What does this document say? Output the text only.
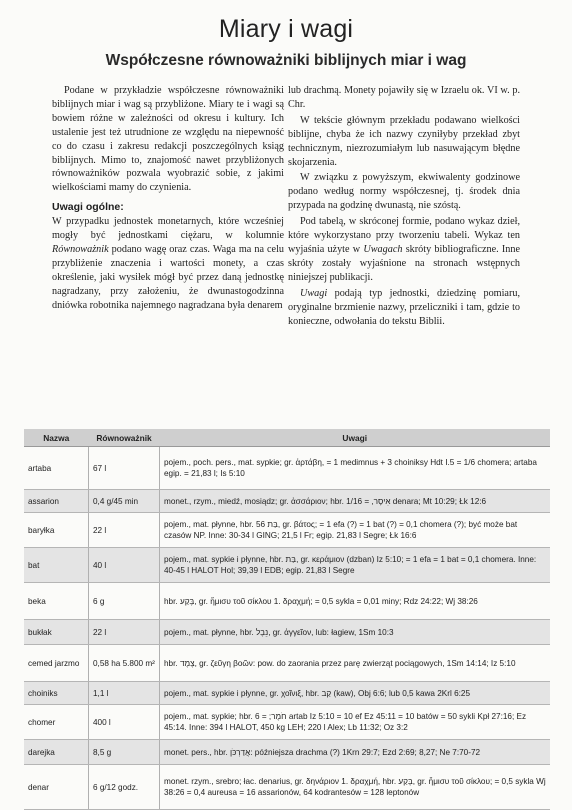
Miary i wagi
Współczesne równoważniki biblijnych miar i wag

Podane w przykładzie współczesne równoważniki biblijnych miar i wag są przybliżone. Miary te i wagi są bowiem różne w zależności od okresu i kultury. Ich ustalenie jest też utrudnione ze względu na niepewność co do czasu i zakresu redakcji poszczególnych ksiąg biblijnych. Mimo to, znajomość nawet przybliżonych równoważników pozwala wyobrazić sobie, z jakimi wielkościami mamy do czynienia.

Uwagi ogólne:

W przypadku jednostek monetarnych, które wcześniej mogły być jednostkami ciężaru, w kolumnie Równoważnik podano wagę oraz czas. Waga ma na celu przybliżenie znaczenia i wartości monety, a czas określenie, jaki wysiłek mógł być przez daną jednostkę nagradzany, przy założeniu, że dwunastogodzinna dniówka robotnika najemnego nagradzana była denarem

lub drachmą. Monety pojawiły się w Izraelu ok. VI w. p. Chr.

W tekście głównym przekładu podawano wielkości biblijne, chyba że ich nazwy czyniłyby przekład zbyt technicznym, niezrozumiałym lub nasuwającym błędne skojarzenia.

W związku z powyższym, ekwiwalenty godzinowe podano według normy współczesnej, tj. środek dnia przypada na godzinę dwunastą, nie szóstą.

Pod tabelą, w skróconej formie, podano wykaz dzieł, które wykorzystano przy tworzeniu tabeli. Wykaz ten wyjaśnia użyte w Uwagach skróty bibliograficzne. Inne skróty zostały wyjaśnione na stronach wstępnych niniejszej publikacji.

Uwagi podają typ jednostki, dziedzinę pomiaru, oryginalne brzmienie nazwy, przeliczniki i tam, gdzie to konieczne, odwołania do tekstu Biblii.

Nazwa	Równoważnik	Uwagi
artaba	67 l	pojem., poch. pers., mat. sypkie; gr. ἀρτάβη, = 1 medimnus + 3 choiniksy Hdt I.5 = 1/6 chomera; artaba egip. = 21,83 l; Is 5:10
assarion	0,4 g/45 min	monet., rzym., miedź, mosiądz; gr. ἀσσάριον; hbr. אִיסָר, = 1/16 denara; Mt 10:29; Łk 12:6
baryłka	22 l	pojem., mat. płynne, hbr. בַּת 56, gr. βάτος; = 1 efa (?) = 1 bat (?) = 0,1 chomera (?); być może bat czasów NP. Inne: 30-34 l GING; 21,5 l Fr; egip. 21,83 l Segre; Łk 16:6
bat	40 l	pojem., mat. sypkie i płynne, hbr. בַּת, gr. κεράμιον (dzban) Iz 5:10; = 1 efa = 1 bat = 0,1 chomera. Inne: 40-45 l HALOT Hol; 39,39 l EDB; egip. 21,83 l Segre
beka	6 g	hbr. בֶּקַע, gr. ἥμισυ τοῦ σίκλου 1. δραχμή; = 0,5 sykla = 0,01 miny; Rdz 24:22; Wj 38:26
bukłak	22 l	pojem., mat. płynne, hbr. נֵבֶל, gr. ἀγγεῖον, lub: łagiew, 1Sm 10:3
cemed jarzmo	0,58 ha 5.800 m²	hbr. צֶמֶד, gr. ζεῦγη βοῶν: pow. do zaorania przez parę zwierząt pociągowych, 1Sm 14:14; Iz 5:10
choiniks	1,1 l	pojem., mat. sypkie i płynne, gr. χοῖνιξ, hbr. קַב (kaw), Obj 6:6; lub 0,5 kawa 2Krl 6:25
chomer	400 l	pojem., mat. sypkie; hbr. חֹמֶר; = 6 artab Iz 5:10 = 10 ef Ez 45:11 = 10 batów = 50 sykli Kpł 27:16; Ez 45:14. Inne: 394 l HALOT, 450 kg LEH; 220 l Alex; Lb 11:32; Oz 3:2
darejka	8,5 g	monet. pers., hbr. אֲדַרְכֹּן: późniejsza drachma (?) 1Krn 29:7; Ezd 2:69; 8,27; Ne 7:70-72
denar	6 g/12 godz.	monet. rzym., srebro; łac. denarius, gr. δηνάριον 1. δραχμή, hbr. בֶּקַע, gr. ἥμισυ τοῦ σίκλου; = 0,5 sykla Wj 38:26 = 0,4 aureusa = 16 assarionów, 64 kodrantesów = 128 leptonów
